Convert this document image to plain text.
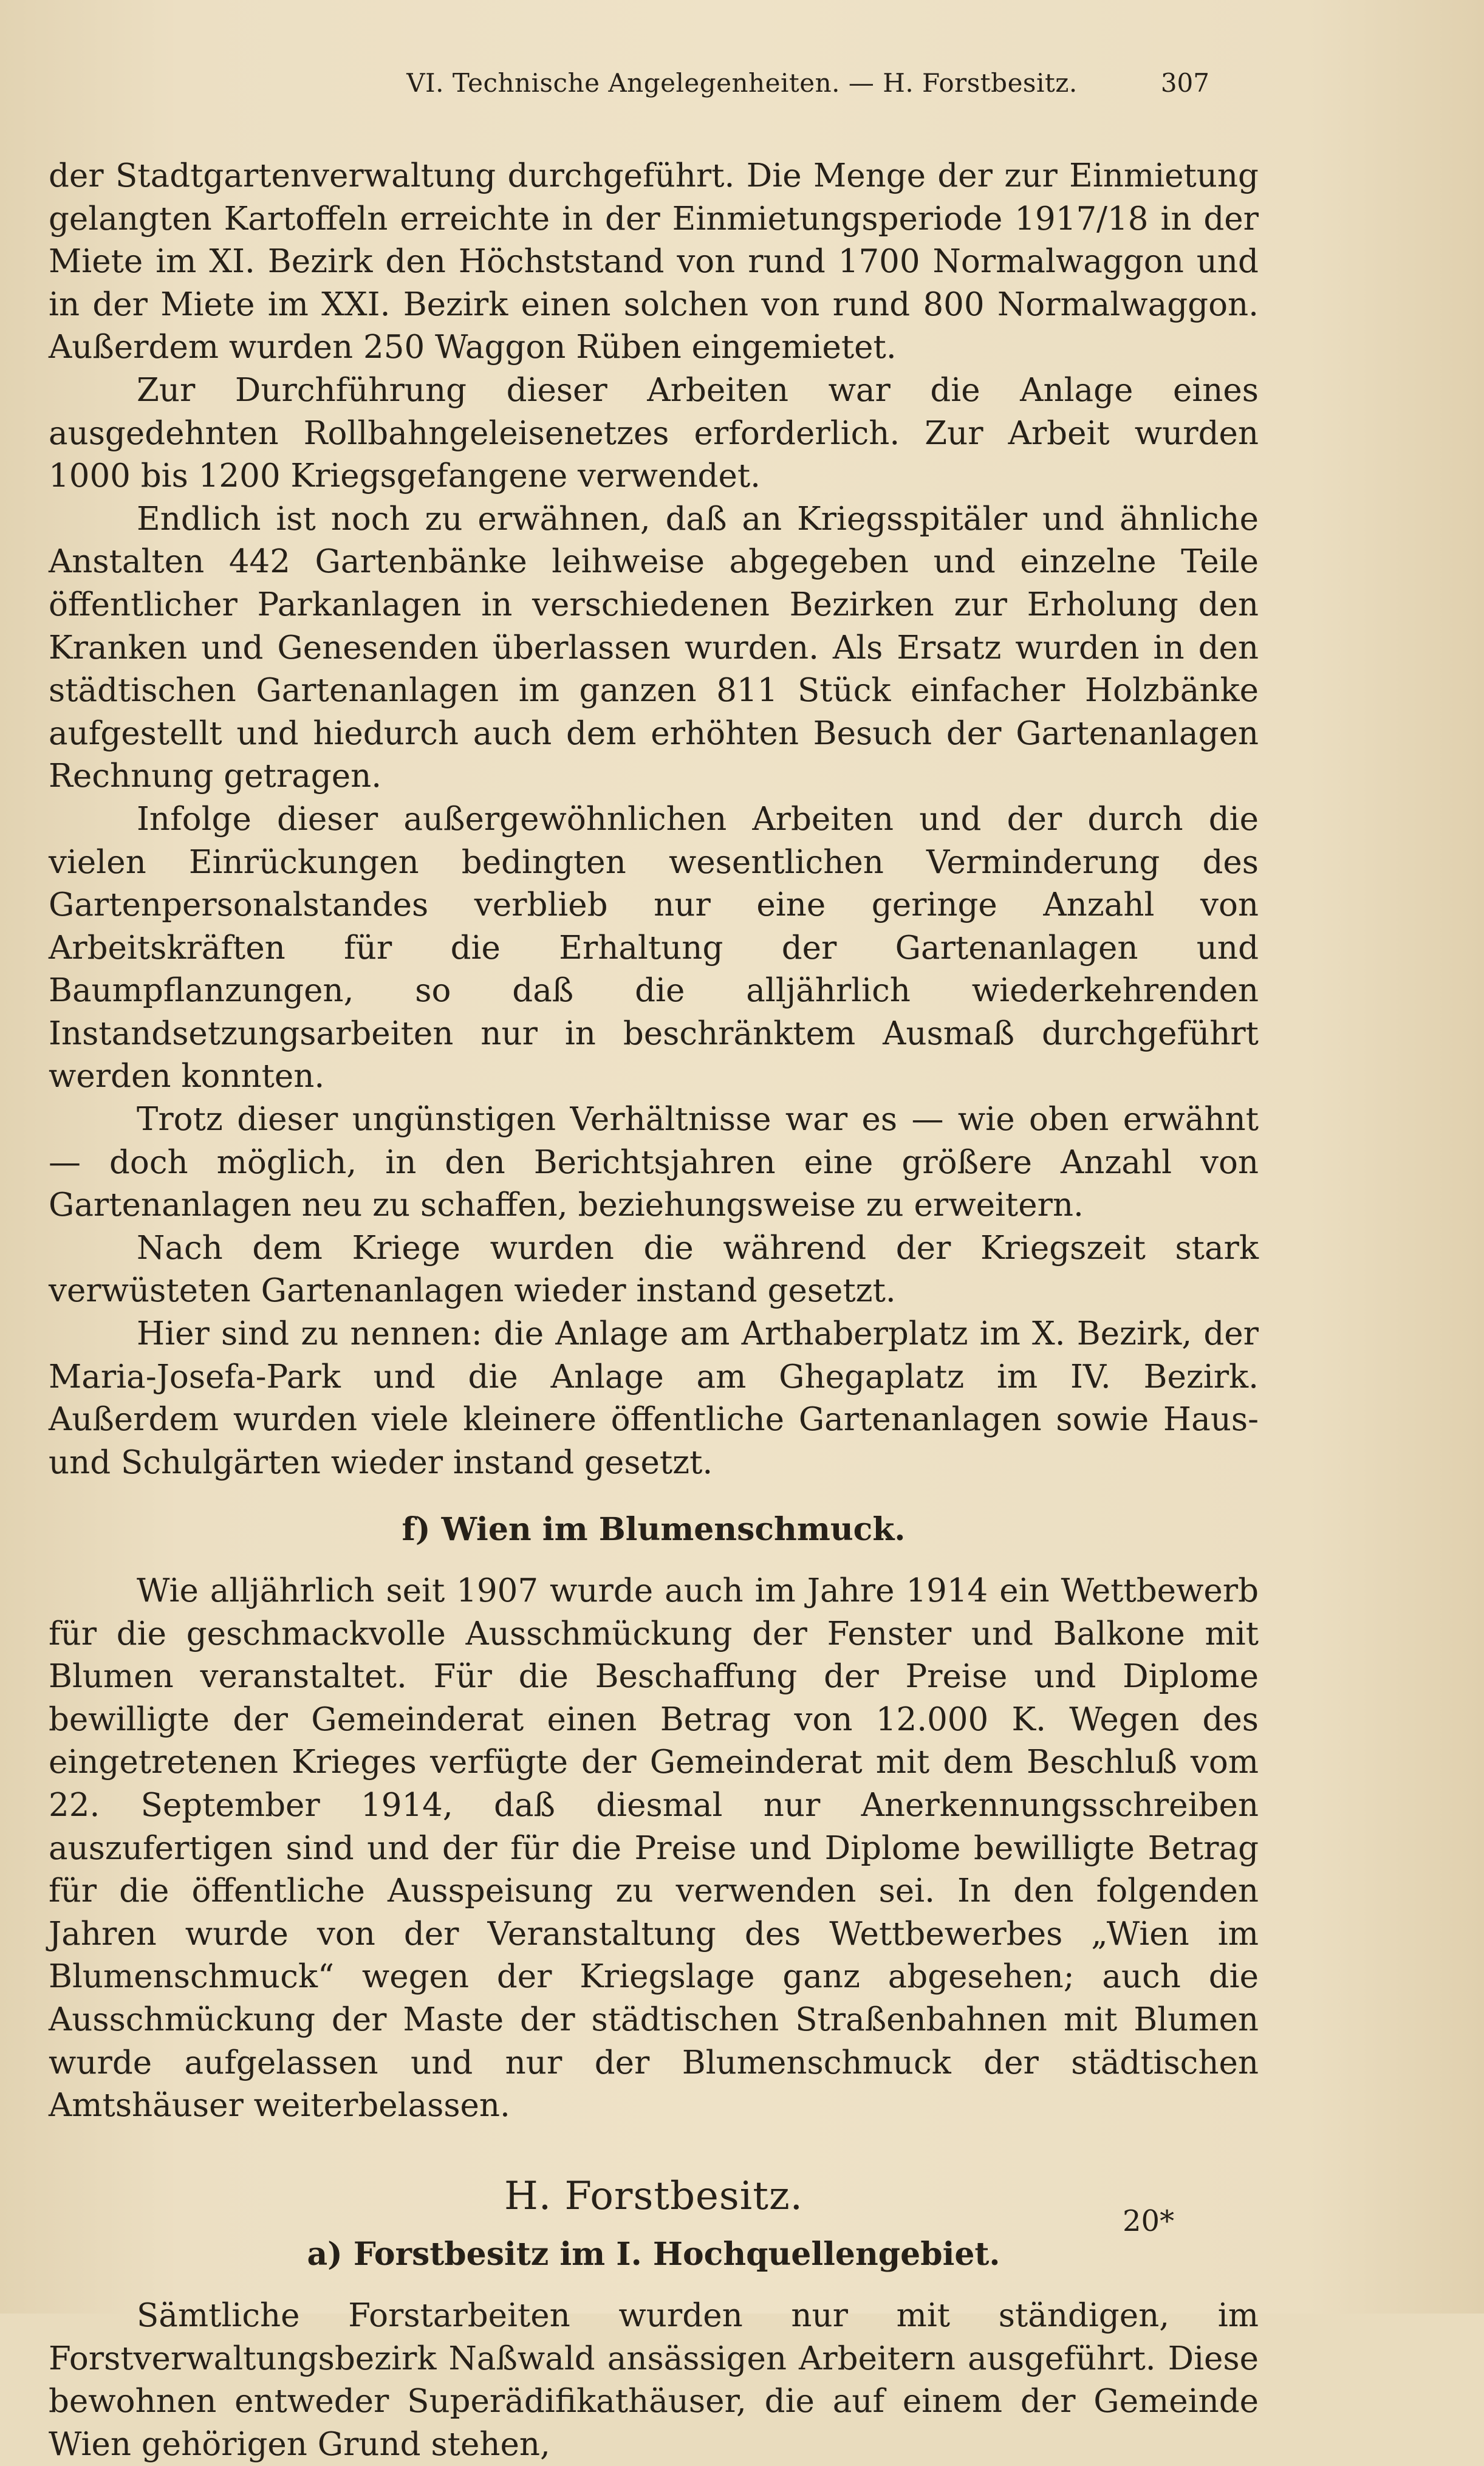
VI. Technische Angelegenheiten. — H. Forstbesitz.	307

der Stadtgartenverwaltung durchgeführt. Die Menge der zur Einmietung gelangten Kartoffeln erreichte in der Einmietungsperiode 1917/18 in der Miete im XI. Bezirk den Höchststand von rund 1700 Normalwaggon und in der Miete im XXI. Bezirk einen solchen von rund 800 Normalwaggon. Außerdem wurden 250 Waggon Rüben eingemietet.

Zur Durchführung dieser Arbeiten war die Anlage eines ausgedehnten Rollbahngeleisenetzes erforderlich. Zur Arbeit wurden 1000 bis 1200 Kriegsgefangene verwendet.

Endlich ist noch zu erwähnen, daß an Kriegsspitäler und ähnliche Anstalten 442 Gartenbänke leihweise abgegeben und einzelne Teile öffentlicher Parkanlagen in verschiedenen Bezirken zur Erholung den Kranken und Genesenden überlassen wurden. Als Ersatz wurden in den städtischen Gartenanlagen im ganzen 811 Stück einfacher Holzbänke aufgestellt und hiedurch auch dem erhöhten Besuch der Gartenanlagen Rechnung getragen.

Infolge dieser außergewöhnlichen Arbeiten und der durch die vielen Einrückungen bedingten wesentlichen Verminderung des Gartenpersonalstandes verblieb nur eine geringe Anzahl von Arbeitskräften für die Erhaltung der Gartenanlagen und Baumpflanzungen, so daß die alljährlich wiederkehrenden Instandsetzungsarbeiten nur in beschränktem Ausmaß durchgeführt werden konnten.

Trotz dieser ungünstigen Verhältnisse war es — wie oben erwähnt — doch möglich, in den Berichtsjahren eine größere Anzahl von Gartenanlagen neu zu schaffen, beziehungsweise zu erweitern.

Nach dem Kriege wurden die während der Kriegszeit stark verwüsteten Gartenanlagen wieder instand gesetzt.

Hier sind zu nennen: die Anlage am Arthaberplatz im X. Bezirk, der Maria-Josefa-Park und die Anlage am Ghegaplatz im IV. Bezirk. Außerdem wurden viele kleinere öffentliche Gartenanlagen sowie Haus- und Schulgärten wieder instand gesetzt.

f) Wien im Blumenschmuck.

Wie alljährlich seit 1907 wurde auch im Jahre 1914 ein Wettbewerb für die geschmackvolle Ausschmückung der Fenster und Balkone mit Blumen veranstaltet. Für die Beschaffung der Preise und Diplome bewilligte der Gemeinderat einen Betrag von 12.000 K. Wegen des eingetretenen Krieges verfügte der Gemeinderat mit dem Beschluß vom 22. September 1914, daß diesmal nur Anerkennungsschreiben auszufertigen sind und der für die Preise und Diplome bewilligte Betrag für die öffentliche Ausspeisung zu verwenden sei. In den folgenden Jahren wurde von der Veranstaltung des Wettbewerbes „Wien im Blumenschmuck“ wegen der Kriegslage ganz abgesehen; auch die Ausschmückung der Maste der städtischen Straßenbahnen mit Blumen wurde aufgelassen und nur der Blumenschmuck der städtischen Amtshäuser weiterbelassen.

H. Forstbesitz.
a) Forstbesitz im I. Hochquellengebiet.

Sämtliche Forstarbeiten wurden nur mit ständigen, im Forstverwaltungsbezirk Naßwald ansässigen Arbeitern ausgeführt. Diese bewohnen entweder Superädifikathäuser, die auf einem der Gemeinde Wien gehörigen Grund stehen,

20*
